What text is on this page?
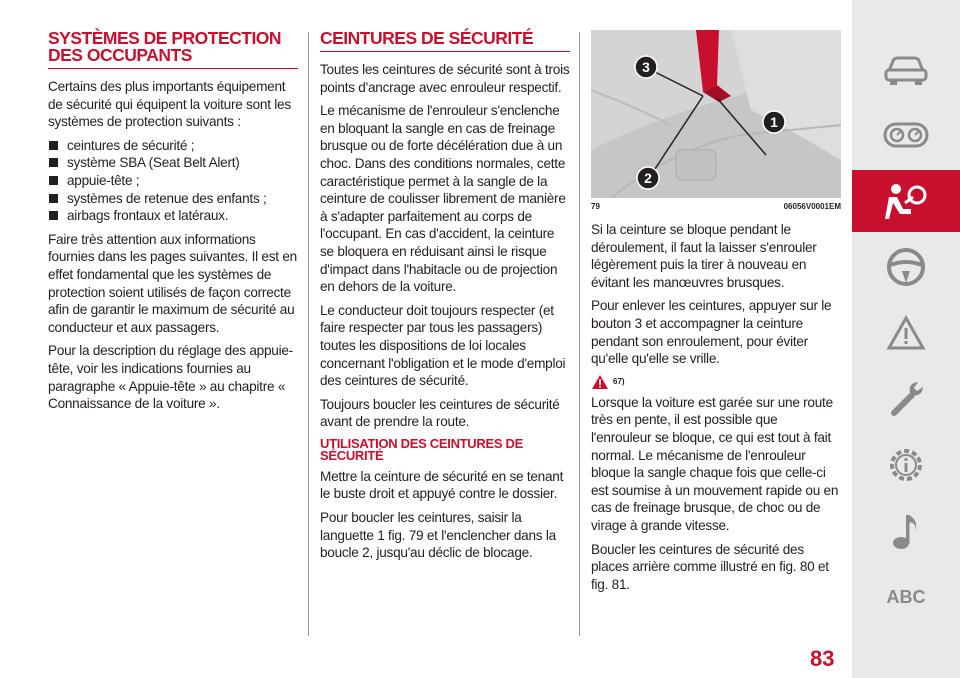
SYSTÈMES DE PROTECTION DES OCCUPANTS

Certains des plus importants équipement de sécurité qui équipent la voiture sont les systèmes de protection suivants :

ceintures de sécurité ;
système SBA (Seat Belt Alert)
appuie-tête ;
systèmes de retenue des enfants ;
airbags frontaux et latéraux.

Faire très attention aux informations fournies dans les pages suivantes. Il est en effet fondamental que les systèmes de protection soient utilisés de façon correcte afin de garantir le maximum de sécurité au conducteur et aux passagers.

Pour la description du réglage des appuie-tête, voir les indications fournies au paragraphe « Appuie-tête » au chapitre « Connaissance de la voiture ».

CEINTURES DE SÉCURITÉ

Toutes les ceintures de sécurité sont à trois points d'ancrage avec enrouleur respectif.

Le mécanisme de l'enrouleur s'enclenche en bloquant la sangle en cas de freinage brusque ou de forte décélération due à un choc. Dans des conditions normales, cette caractéristique permet à la sangle de la ceinture de coulisser librement de manière à s'adapter parfaitement au corps de l'occupant. En cas d'accident, la ceinture se bloquera en réduisant ainsi le risque d'impact dans l'habitacle ou de projection en dehors de la voiture.

Le conducteur doit toujours respecter (et faire respecter par tous les passagers) toutes les dispositions de loi locales concernant l'obligation et le mode d'emploi des ceintures de sécurité.

Toujours boucler les ceintures de sécurité avant de prendre la route.

UTILISATION DES CEINTURES DE SÉCURITÉ

Mettre la ceinture de sécurité en se tenant le buste droit et appuyé contre le dossier.

Pour boucler les ceintures, saisir la languette 1 fig. 79 et l'enclencher dans la boucle 2, jusqu'au déclic de blocage.

3
2
1
79	06056V0001EM

Si la ceinture se bloque pendant le déroulement, il faut la laisser s'enrouler légèrement puis la tirer à nouveau en évitant les manœuvres brusques.

Pour enlever les ceintures, appuyer sur le bouton 3 et accompagner la ceinture pendant son enroulement, pour éviter qu'elle qu'elle se vrille.

67)

Lorsque la voiture est garée sur une route très en pente, il est possible que l'enrouleur se bloque, ce qui est tout à fait normal. Le mécanisme de l'enrouleur bloque la sangle chaque fois que celle-ci est soumise à un mouvement rapide ou en cas de freinage brusque, de choc ou de virage à grande vitesse.

Boucler les ceintures de sécurité des places arrière comme illustré en fig. 80 et fig. 81.

ABC
83
